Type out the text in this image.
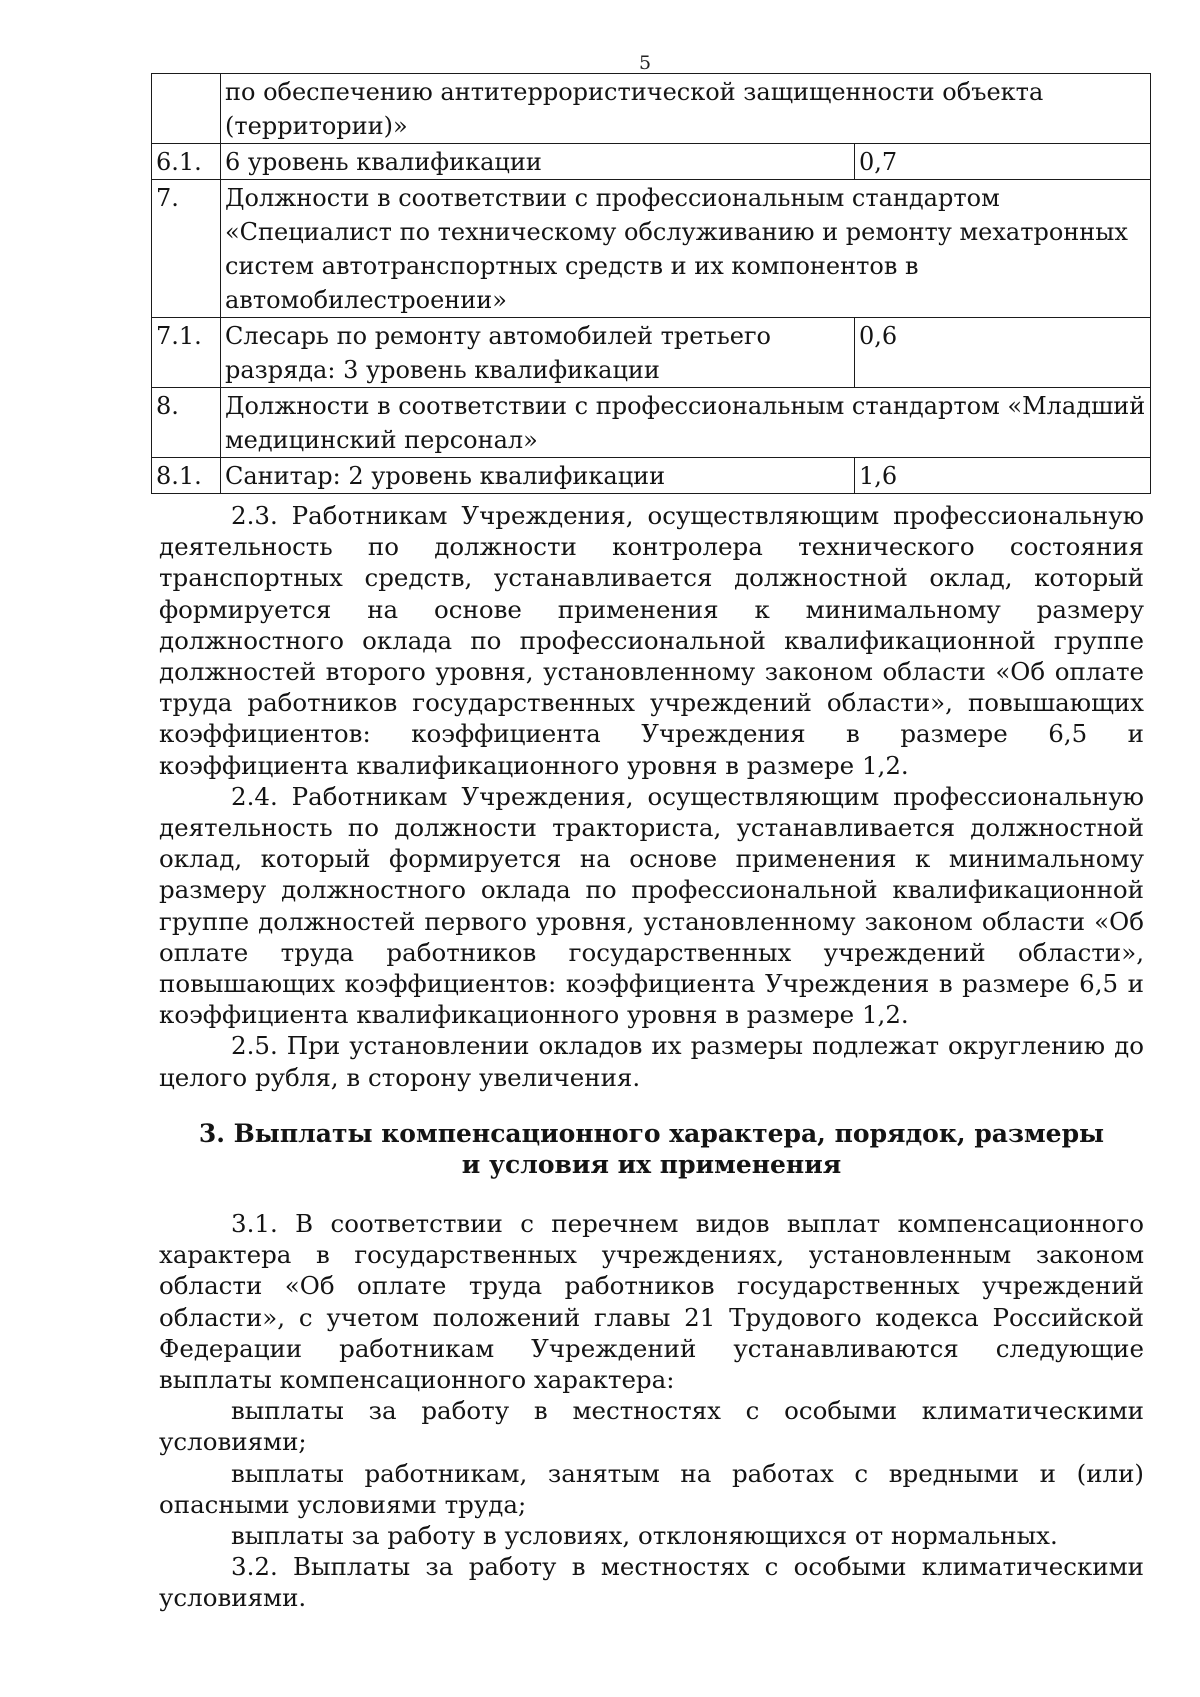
5
	по обеспечению антитеррористической защищенности объекта (территории)»	
6.1.	6 уровень квалификации	0,7
7.	Должности в соответствии с профессиональным стандартом «Специалист по техническому обслуживанию и ремонту мехатронных систем автотранспортных средств и их компонентов в автомобилестроении»	
7.1.	Слесарь по ремонту автомобилей третьего разряда: 3 уровень квалификации	0,6
8.	Должности в соответствии с профессиональным стандартом «Младший медицинский персонал»	
8.1.	Санитар: 2 уровень квалификации	1,6

2.3. Работникам Учреждения, осуществляющим профессиональную деятельность по должности контролера технического состояния транспортных средств, устанавливается должностной оклад, который формируется на основе применения к минимальному размеру должностного оклада по профессиональной квалификационной группе должностей второго уровня, установленному законом области «Об оплате труда работников государственных учреждений области», повышающих коэффициентов: коэффициента Учреждения в размере 6,5 и коэффициента квалификационного уровня в размере 1,2.

2.4. Работникам Учреждения, осуществляющим профессиональную деятельность по должности тракториста, устанавливается должностной оклад, который формируется на основе применения к минимальному размеру должностного оклада по профессиональной квалификационной группе должностей первого уровня, установленному законом области «Об оплате труда работников государственных учреждений области», повышающих коэффициентов: коэффициента Учреждения в размере 6,5 и коэффициента квалификационного уровня в размере 1,2.

2.5. При установлении окладов их размеры подлежат округлению до целого рубля, в сторону увеличения.

3. Выплаты компенсационного характера, порядок, размеры
и условия их применения

3.1. В соответствии с перечнем видов выплат компенсационного характера в государственных учреждениях, установленным законом области «Об оплате труда работников государственных учреждений области», с учетом положений главы 21 Трудового кодекса Российской Федерации работникам Учреждений устанавливаются следующие выплаты компенсационного характера:

выплаты за работу в местностях с особыми климатическими условиями;

выплаты работникам, занятым на работах с вредными и (или) опасными условиями труда;

выплаты за работу в условиях, отклоняющихся от нормальных.

3.2. Выплаты за работу в местностях с особыми климатическими условиями.
